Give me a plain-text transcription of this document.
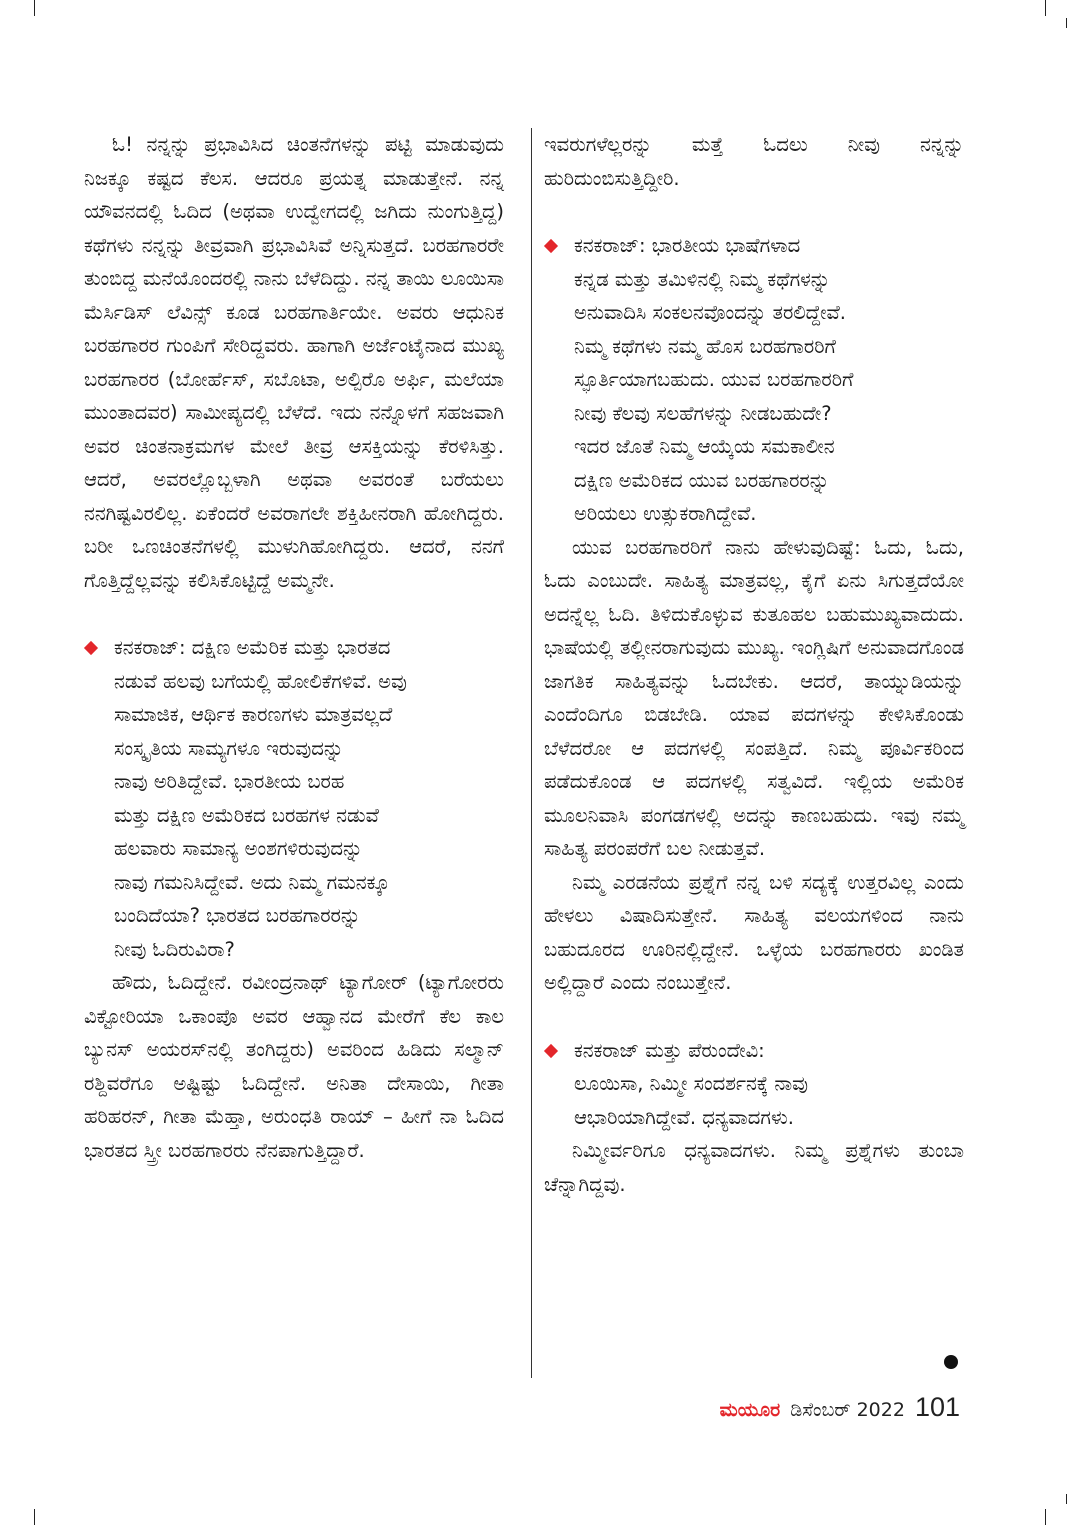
ಓ! ನನ್ನನ್ನು ಪ್ರಭಾವಿಸಿದ ಚಿಂತನೆಗಳನ್ನು ಪಟ್ಟಿ ಮಾಡುವುದು ನಿಜಕ್ಕೂ ಕಷ್ಟದ ಕೆಲಸ. ಆದರೂ ಪ್ರಯತ್ನ ಮಾಡುತ್ತೇನೆ. ನನ್ನ ಯೌವನದಲ್ಲಿ ಓದಿದ (ಅಥವಾ ಉದ್ವೇಗದಲ್ಲಿ ಜಗಿದು ನುಂಗುತ್ತಿದ್ದ) ಕಥೆಗಳು ನನ್ನನ್ನು ತೀವ್ರವಾಗಿ ಪ್ರಭಾವಿಸಿವೆ ಅನ್ನಿಸುತ್ತದೆ. ಬರಹಗಾರರೇ ತುಂಬಿದ್ದ ಮನೆಯೊಂದರಲ್ಲಿ ನಾನು ಬೆಳೆದಿದ್ದು. ನನ್ನ ತಾಯಿ ಲೂಯಿಸಾ ಮೆರ್ಸಿಡಿಸ್ ಲೆವಿನ್ಸ್ ಕೂಡ ಬರಹಗಾರ್ತಿಯೇ. ಅವರು ಆಧುನಿಕ ಬರಹಗಾರರ ಗುಂಪಿಗೆ ಸೇರಿದ್ದವರು. ಹಾಗಾಗಿ ಅರ್ಜೆಂಟೈನಾದ ಮುಖ್ಯ ಬರಹಗಾರರ (ಬೋರ್ಹೆಸ್, ಸಬೊಟಾ, ಅಲ್ಪಿರೊ ಅರ್ಫಿ, ಮಲೆಯಾ ಮುಂತಾದವರ) ಸಾಮೀಪ್ಯದಲ್ಲಿ ಬೆಳೆದೆ. ಇದು ನನ್ನೊಳಗೆ ಸಹಜವಾಗಿ ಅವರ ಚಿಂತನಾಕ್ರಮಗಳ ಮೇಲೆ ತೀವ್ರ ಆಸಕ್ತಿಯನ್ನು ಕೆರಳಿಸಿತ್ತು. ಆದರೆ, ಅವರಲ್ಲೊಬ್ಬಳಾಗಿ ಅಥವಾ ಅವರಂತೆ ಬರೆಯಲು ನನಗಿಷ್ಟವಿರಲಿಲ್ಲ. ಏಕೆಂದರೆ ಅವರಾಗಲೇ ಶಕ್ತಿಹೀನರಾಗಿ ಹೋಗಿದ್ದರು. ಬರೀ ಒಣಚಿಂತನೆಗಳಲ್ಲಿ ಮುಳುಗಿಹೋಗಿದ್ದರು. ಆದರೆ, ನನಗೆ ಗೊತ್ತಿದ್ದೆಲ್ಲವನ್ನು ಕಲಿಸಿಕೊಟ್ಟಿದ್ದೆ ಅಮ್ಮನೇ.

ಕನಕರಾಜ್: ದಕ್ಷಿಣ ಅಮೆರಿಕ ಮತ್ತು ಭಾರತದ
ನಡುವೆ ಹಲವು ಬಗೆಯಲ್ಲಿ ಹೋಲಿಕೆಗಳಿವೆ. ಅವು
ಸಾಮಾಜಿಕ, ಆರ್ಥಿಕ ಕಾರಣಗಳು ಮಾತ್ರವಲ್ಲದೆ
ಸಂಸ್ಕೃತಿಯ ಸಾಮ್ಯಗಳೂ ಇರುವುದನ್ನು
ನಾವು ಅರಿತಿದ್ದೇವೆ. ಭಾರತೀಯ ಬರಹ
ಮತ್ತು ದಕ್ಷಿಣ ಅಮೆರಿಕದ ಬರಹಗಳ ನಡುವೆ
ಹಲವಾರು ಸಾಮಾನ್ಯ ಅಂಶಗಳಿರುವುದನ್ನು
ನಾವು ಗಮನಿಸಿದ್ದೇವೆ. ಅದು ನಿಮ್ಮ ಗಮನಕ್ಕೂ
ಬಂದಿದೆಯಾ? ಭಾರತದ ಬರಹಗಾರರನ್ನು
ನೀವು ಓದಿರುವಿರಾ?

ಹೌದು, ಓದಿದ್ದೇನೆ. ರವೀಂದ್ರನಾಥ್ ಟ್ಯಾಗೋರ್ (ಟ್ಯಾಗೋರರು ವಿಕ್ಟೋರಿಯಾ ಒಕಾಂಪೊ ಅವರ ಆಹ್ವಾನದ ಮೇರೆಗೆ ಕೆಲ ಕಾಲ ಬ್ಯುನಸ್ ಅಯರಸ್‌ನಲ್ಲಿ ತಂಗಿದ್ದರು) ಅವರಿಂದ ಹಿಡಿದು ಸಲ್ಮಾನ್ ರಶ್ದಿವರೆಗೂ ಅಷ್ಟಿಷ್ಟು ಓದಿದ್ದೇನೆ. ಅನಿತಾ ದೇಸಾಯಿ, ಗೀತಾ ಹರಿಹರನ್, ಗೀತಾ ಮೆಹ್ತಾ, ಅರುಂಧತಿ ರಾಯ್ – ಹೀಗೆ ನಾ ಓದಿದ ಭಾರತದ ಸ್ತ್ರೀ ಬರಹಗಾರರು ನೆನಪಾಗುತ್ತಿದ್ದಾರೆ.

ಇವರುಗಳೆಲ್ಲರನ್ನು ಮತ್ತೆ ಓದಲು ನೀವು ನನ್ನನ್ನು ಹುರಿದುಂಬಿಸುತ್ತಿದ್ದೀರಿ.

ಕನಕರಾಜ್: ಭಾರತೀಯ ಭಾಷೆಗಳಾದ
ಕನ್ನಡ ಮತ್ತು ತಮಿಳಿನಲ್ಲಿ ನಿಮ್ಮ ಕಥೆಗಳನ್ನು
ಅನುವಾದಿಸಿ ಸಂಕಲನವೊಂದನ್ನು ತರಲಿದ್ದೇವೆ.
ನಿಮ್ಮ ಕಥೆಗಳು ನಮ್ಮ ಹೊಸ ಬರಹಗಾರರಿಗೆ
ಸ್ಫೂರ್ತಿಯಾಗಬಹುದು. ಯುವ ಬರಹಗಾರರಿಗೆ
ನೀವು ಕೆಲವು ಸಲಹೆಗಳನ್ನು ನೀಡಬಹುದೇ?
ಇದರ ಜೊತೆ ನಿಮ್ಮ ಆಯ್ಕೆಯ ಸಮಕಾಲೀನ
ದಕ್ಷಿಣ ಅಮೆರಿಕದ ಯುವ ಬರಹಗಾರರನ್ನು
ಅರಿಯಲು ಉತ್ಸುಕರಾಗಿದ್ದೇವೆ.

ಯುವ ಬರಹಗಾರರಿಗೆ ನಾನು ಹೇಳುವುದಿಷ್ಟೆ: ಓದು, ಓದು, ಓದು ಎಂಬುದೇ. ಸಾಹಿತ್ಯ ಮಾತ್ರವಲ್ಲ, ಕೈಗೆ ಏನು ಸಿಗುತ್ತದೆಯೋ ಅದನ್ನೆಲ್ಲ ಓದಿ. ತಿಳಿದುಕೊಳ್ಳುವ ಕುತೂಹಲ ಬಹುಮುಖ್ಯವಾದುದು. ಭಾಷೆಯಲ್ಲಿ ತಲ್ಲೀನರಾಗುವುದು ಮುಖ್ಯ. ಇಂಗ್ಲಿಷಿಗೆ ಅನುವಾದಗೊಂಡ ಜಾಗತಿಕ ಸಾಹಿತ್ಯವನ್ನು ಓದಬೇಕು. ಆದರೆ, ತಾಯ್ನುಡಿಯನ್ನು ಎಂದೆಂದಿಗೂ ಬಿಡಬೇಡಿ. ಯಾವ ಪದಗಳನ್ನು ಕೇಳಿಸಿಕೊಂಡು ಬೆಳೆದರೋ ಆ ಪದಗಳಲ್ಲಿ ಸಂಪತ್ತಿದೆ. ನಿಮ್ಮ ಪೂರ್ವಿಕರಿಂದ ಪಡೆದುಕೊಂಡ ಆ ಪದಗಳಲ್ಲಿ ಸತ್ವವಿದೆ. ಇಲ್ಲಿಯ ಅಮೆರಿಕ ಮೂಲನಿವಾಸಿ ಪಂಗಡಗಳಲ್ಲಿ ಅದನ್ನು ಕಾಣಬಹುದು. ಇವು ನಮ್ಮ ಸಾಹಿತ್ಯ ಪರಂಪರೆಗೆ ಬಲ ನೀಡುತ್ತವೆ.

ನಿಮ್ಮ ಎರಡನೆಯ ಪ್ರಶ್ನೆಗೆ ನನ್ನ ಬಳಿ ಸದ್ಯಕ್ಕೆ ಉತ್ತರವಿಲ್ಲ ಎಂದು ಹೇಳಲು ವಿಷಾದಿಸುತ್ತೇನೆ. ಸಾಹಿತ್ಯ ವಲಯಗಳಿಂದ ನಾನು ಬಹುದೂರದ ಊರಿನಲ್ಲಿದ್ದೇನೆ. ಒಳ್ಳೆಯ ಬರಹಗಾರರು ಖಂಡಿತ ಅಲ್ಲಿದ್ದಾರೆ ಎಂದು ನಂಬುತ್ತೇನೆ.

ಕನಕರಾಜ್ ಮತ್ತು ಪೆರುಂದೇವಿ:
ಲೂಯಿಸಾ, ನಿಮ್ಮೀ ಸಂದರ್ಶನಕ್ಕೆ ನಾವು
ಆಭಾರಿಯಾಗಿದ್ದೇವೆ. ಧನ್ಯವಾದಗಳು.

ನಿಮ್ಮೀರ್ವರಿಗೂ ಧನ್ಯವಾದಗಳು. ನಿಮ್ಮ ಪ್ರಶ್ನೆಗಳು ತುಂಬಾ ಚೆನ್ನಾಗಿದ್ದವು.

ಮಯೂರ ಡಿಸೆಂಬರ್ 2022 101
